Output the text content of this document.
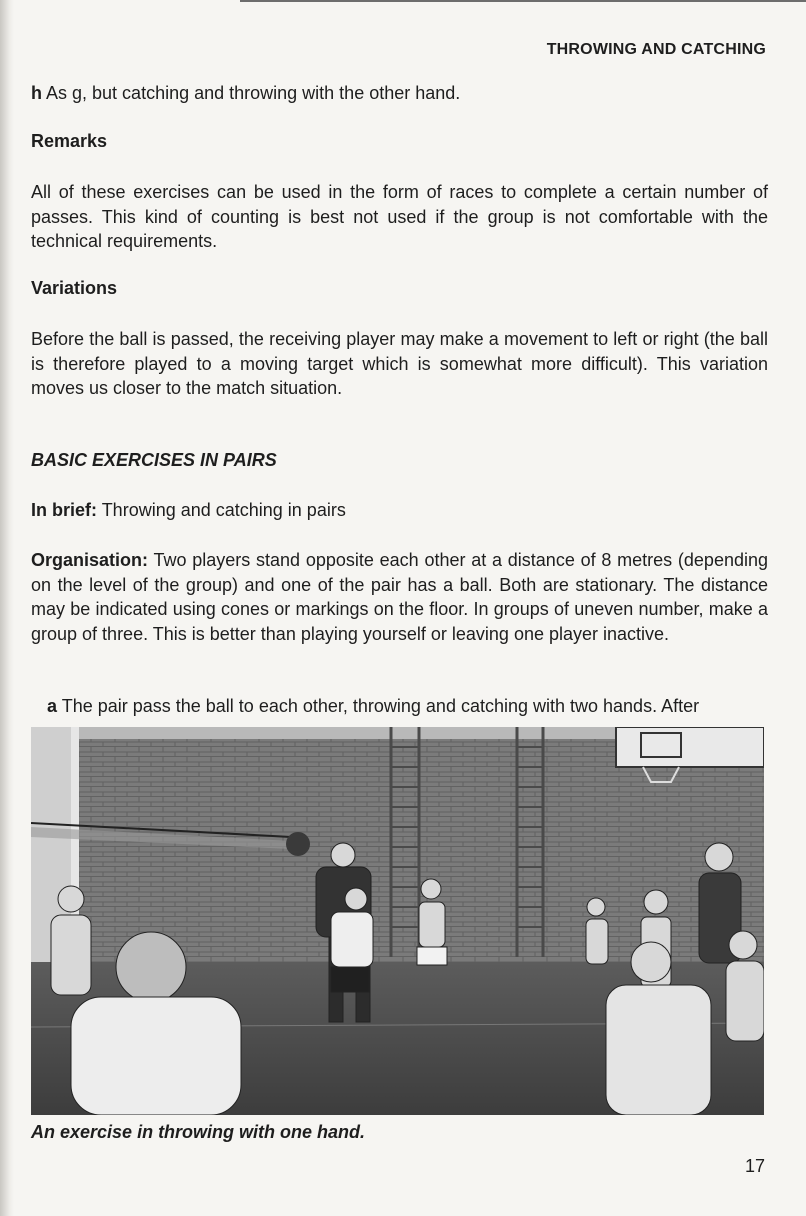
THROWING AND CATCHING

h As g, but catching and throwing with the other hand.

Remarks

All of these exercises can be used in the form of races to complete a certain number of passes. This kind of counting is best not used if the group is not comfortable with the technical requirements.

Variations

Before the ball is passed, the receiving player may make a movement to left or right (the ball is therefore played to a moving target which is somewhat more difficult). This variation moves us closer to the match situation.

BASIC EXERCISES IN PAIRS

In brief: Throwing and catching in pairs

Organisation: Two players stand opposite each other at a distance of 8 metres (depending on the level of the group) and one of the pair has a ball. Both are stationary. The distance may be indicated using cones or markings on the floor. In groups of uneven number, make a group of three. This is better than playing yourself or leaving one player inactive.

a The pair pass the ball to each other, throwing and catching with two hands. After

An exercise in throwing with one hand.
17
